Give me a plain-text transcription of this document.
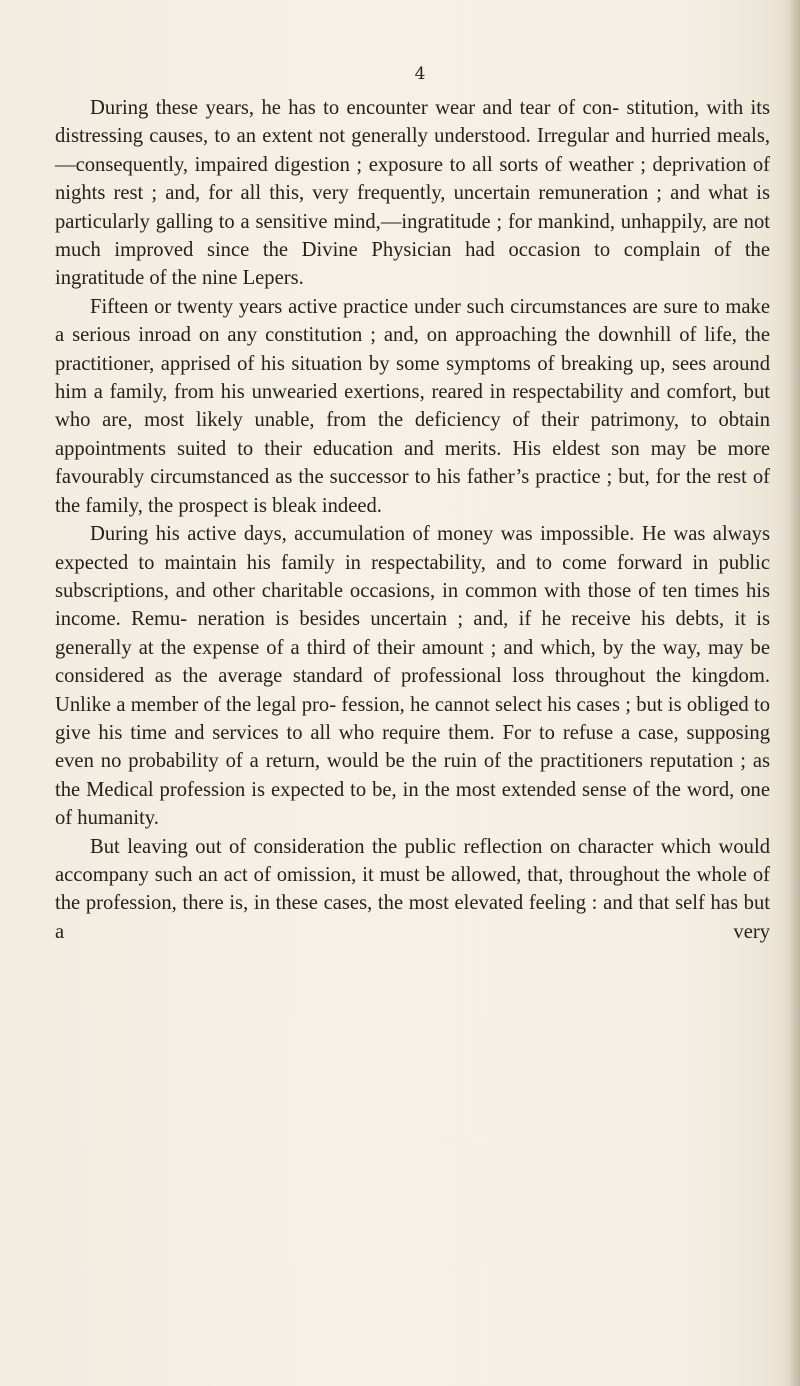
4

During these years, he has to encounter wear and tear of con- stitution, with its distressing causes, to an extent not generally understood. Irregular and hurried meals,—consequently, impaired digestion ; exposure to all sorts of weather ; deprivation of nights rest ; and, for all this, very frequently, uncertain remuneration ; and what is particularly galling to a sensitive mind,—ingratitude ; for mankind, unhappily, are not much improved since the Divine Physician had occasion to complain of the ingratitude of the nine Lepers.

Fifteen or twenty years active practice under such circumstances are sure to make a serious inroad on any constitution ; and, on approaching the downhill of life, the practitioner, apprised of his situation by some symptoms of breaking up, sees around him a family, from his unwearied exertions, reared in respectability and comfort, but who are, most likely unable, from the deficiency of their patrimony, to obtain appointments suited to their education and merits. His eldest son may be more favourably circumstanced as the successor to his father’s practice ; but, for the rest of the family, the prospect is bleak indeed.

During his active days, accumulation of money was impossible. He was always expected to maintain his family in respectability, and to come forward in public subscriptions, and other charitable occasions, in common with those of ten times his income. Remu- neration is besides uncertain ; and, if he receive his debts, it is generally at the expense of a third of their amount ; and which, by the way, may be considered as the average standard of professional loss throughout the kingdom. Unlike a member of the legal pro- fession, he cannot select his cases ; but is obliged to give his time and services to all who require them. For to refuse a case, supposing even no probability of a return, would be the ruin of the practitioners reputation ; as the Medical profession is expected to be, in the most extended sense of the word, one of humanity.

But leaving out of consideration the public reflection on character which would accompany such an act of omission, it must be allowed, that, throughout the whole of the profession, there is, in these cases, the most elevated feeling : and that self has but a very
